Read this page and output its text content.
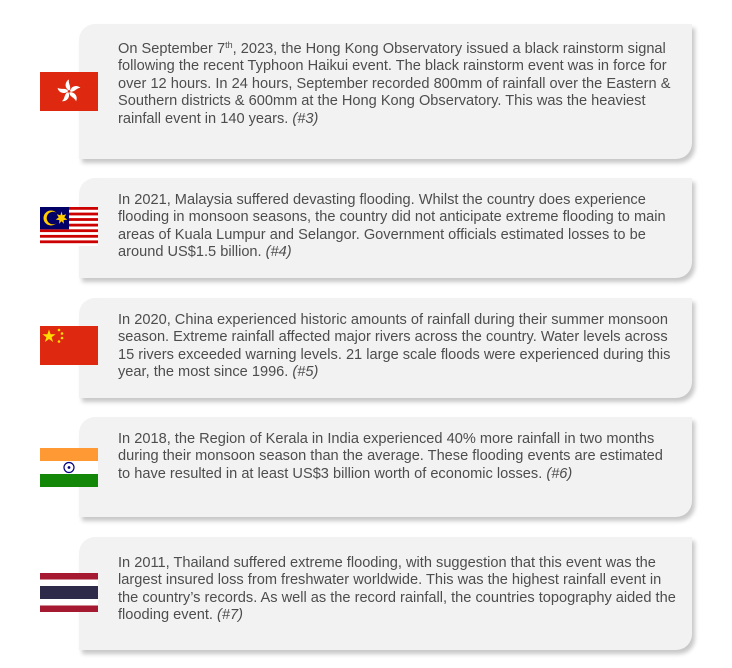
On September 7th, 2023, the Hong Kong Observatory issued a black rainstorm signal following the recent Typhoon Haikui event. The black rainstorm event was in force for over 12 hours. In 24 hours, September recorded 800mm of rainfall over the Eastern & Southern districts & 600mm at the Hong Kong Observatory. This was the heaviest rainfall event in 140 years. (#3)
In 2021, Malaysia suffered devasting flooding. Whilst the country does experience flooding in monsoon seasons, the country did not anticipate extreme flooding to main areas of Kuala Lumpur and Selangor. Government officials estimated losses to be around US$1.5 billion. (#4)
In 2020, China experienced historic amounts of rainfall during their summer monsoon season. Extreme rainfall affected major rivers across the country. Water levels across 15 rivers exceeded warning levels. 21 large scale floods were experienced during this year, the most since 1996. (#5)
In 2018, the Region of Kerala in India experienced 40% more rainfall in two months during their monsoon season than the average. These flooding events are estimated to have resulted in at least US$3 billion worth of economic losses. (#6)
In 2011, Thailand suffered extreme flooding, with suggestion that this event was the largest insured loss from freshwater worldwide. This was the highest rainfall event in the country’s records. As well as the record rainfall, the countries topography aided the flooding event. (#7)
